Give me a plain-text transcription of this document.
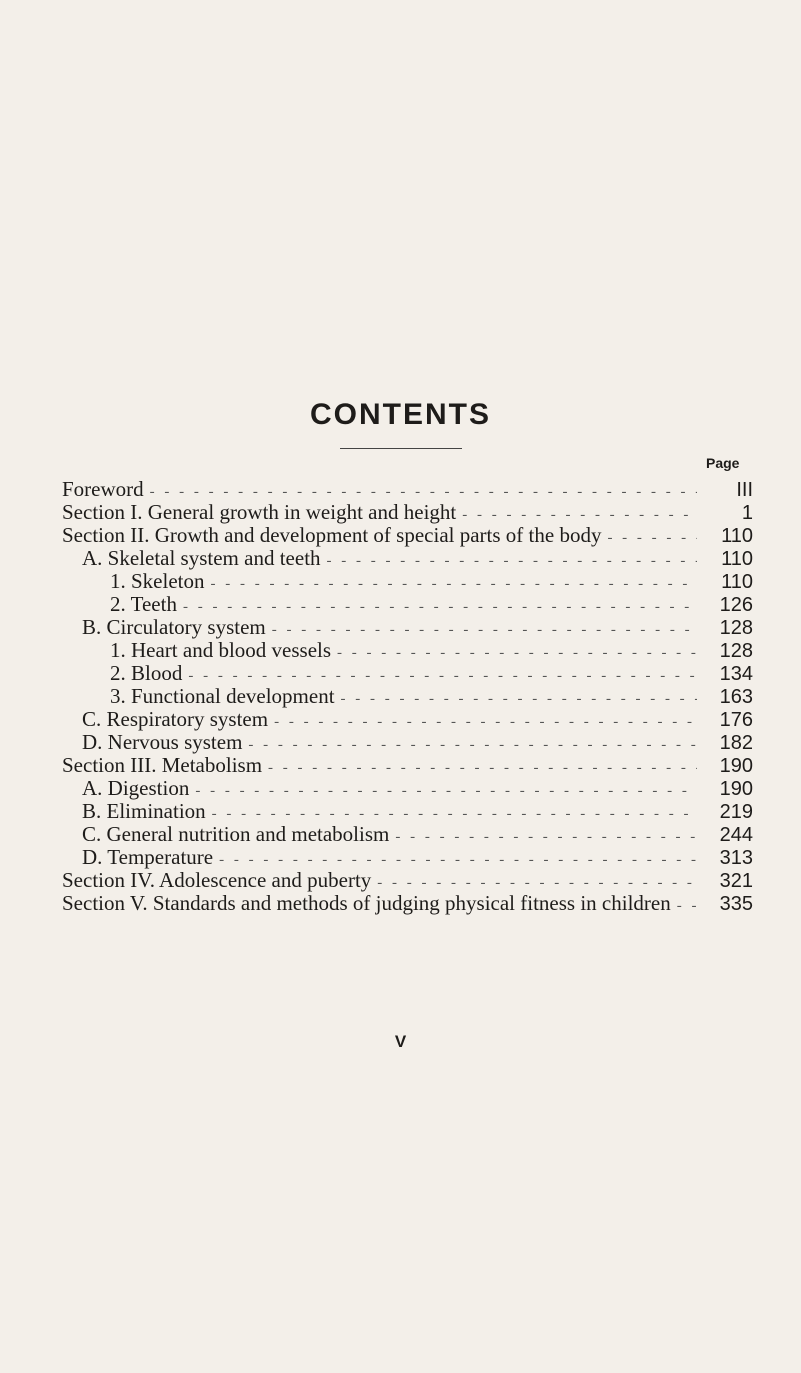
CONTENTS
Page
Foreword - - -	III
Section I. General growth in weight and height - - -	1
Section II. Growth and development of special parts of the body - - -	110
A. Skeletal system and teeth - - -	110
1. Skeleton - - -	110
2. Teeth - - -	126
B. Circulatory system - - -	128
1. Heart and blood vessels - - -	128
2. Blood - - -	134
3. Functional development - - -	163
C. Respiratory system - - -	176
D. Nervous system - - -	182
Section III. Metabolism - - -	190
A. Digestion - - -	190
B. Elimination - - -	219
C. General nutrition and metabolism - - -	244
D. Temperature - - -	313
Section IV. Adolescence and puberty - - -	321
Section V. Standards and methods of judging physical fitness in children - - -	335
V
